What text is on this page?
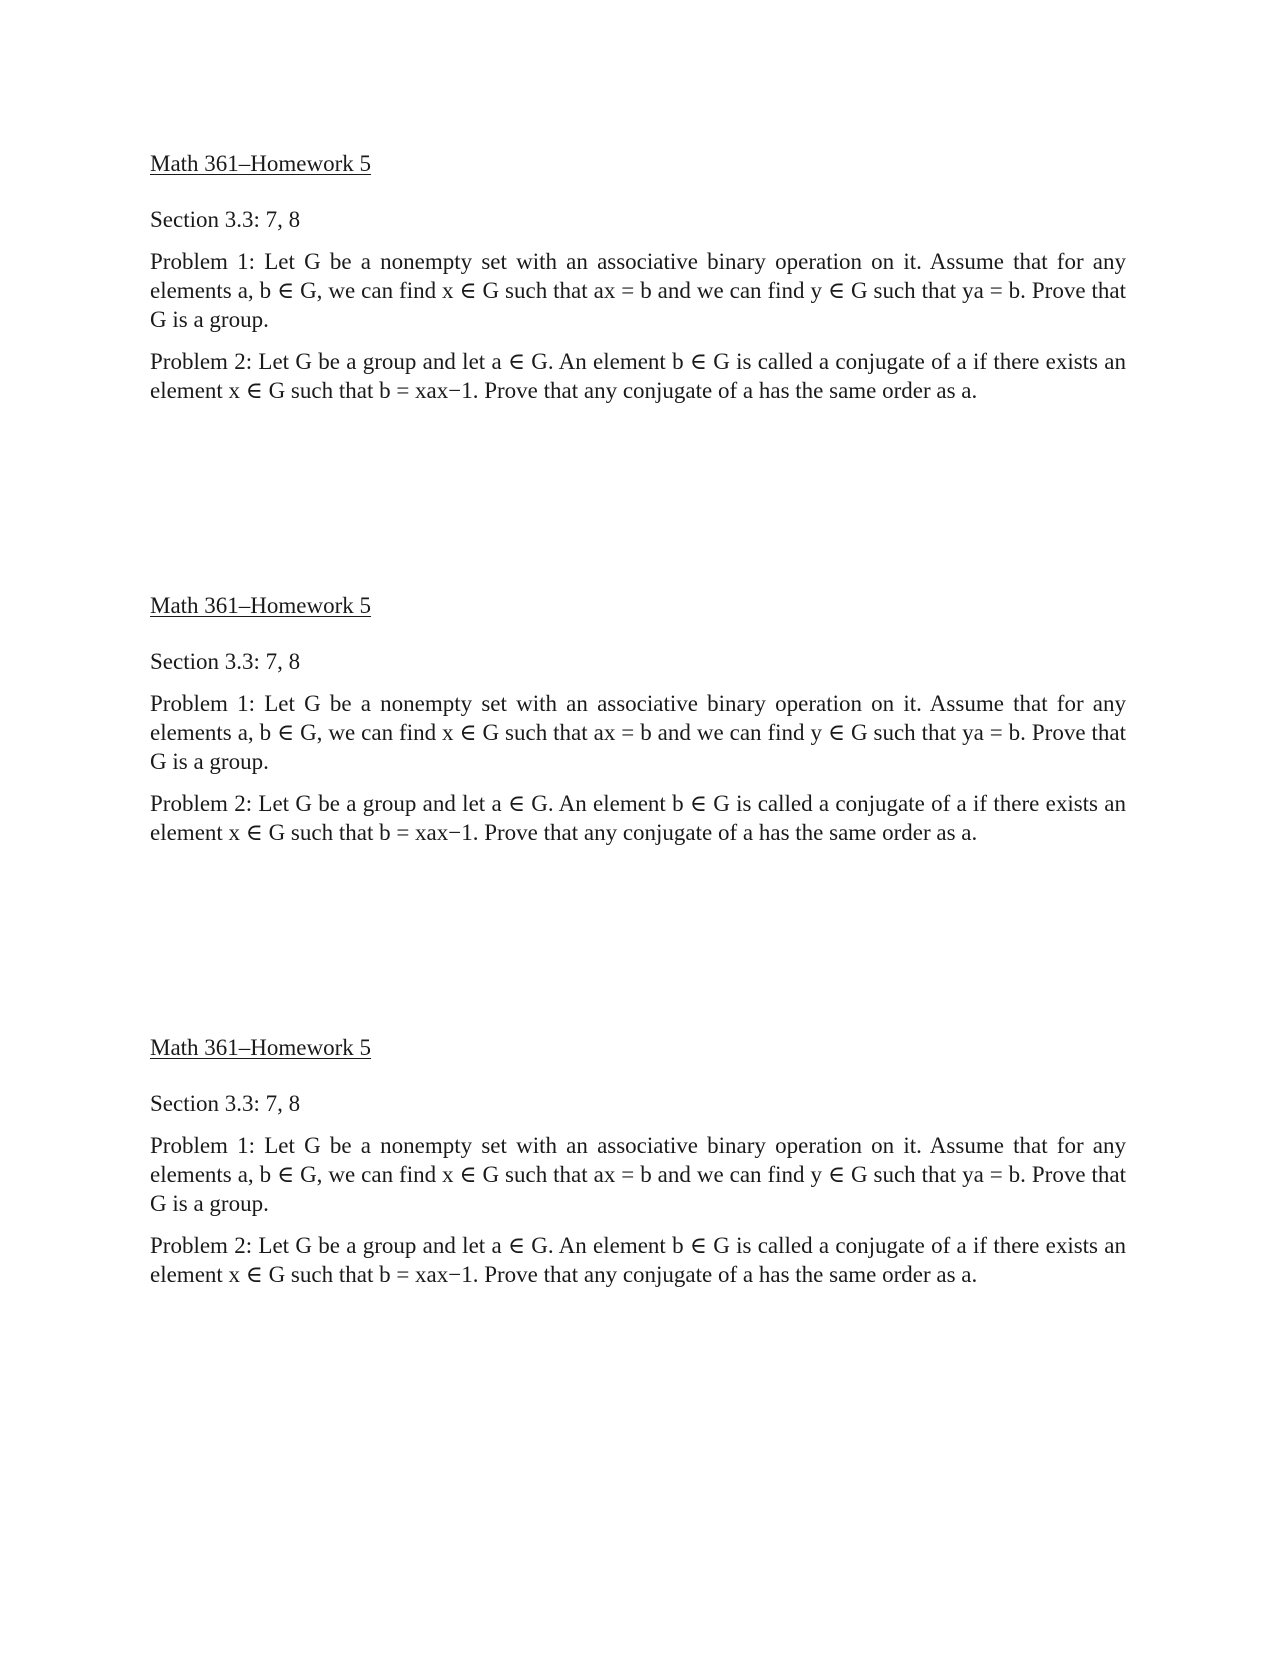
Math 361–Homework 5

Section 3.3: 7, 8

Problem 1: Let G be a nonempty set with an associative binary operation on it. Assume that for any elements a, b ∈ G, we can find x ∈ G such that ax = b and we can find y ∈ G such that ya = b. Prove that G is a group.

Problem 2: Let G be a group and let a ∈ G. An element b ∈ G is called a conjugate of a if there exists an element x ∈ G such that b = xax−1. Prove that any conjugate of a has the same order as a.

Math 361–Homework 5

Section 3.3: 7, 8

Problem 1: Let G be a nonempty set with an associative binary operation on it. Assume that for any elements a, b ∈ G, we can find x ∈ G such that ax = b and we can find y ∈ G such that ya = b. Prove that G is a group.

Problem 2: Let G be a group and let a ∈ G. An element b ∈ G is called a conjugate of a if there exists an element x ∈ G such that b = xax−1. Prove that any conjugate of a has the same order as a.

Math 361–Homework 5

Section 3.3: 7, 8

Problem 1: Let G be a nonempty set with an associative binary operation on it. Assume that for any elements a, b ∈ G, we can find x ∈ G such that ax = b and we can find y ∈ G such that ya = b. Prove that G is a group.

Problem 2: Let G be a group and let a ∈ G. An element b ∈ G is called a conjugate of a if there exists an element x ∈ G such that b = xax−1. Prove that any conjugate of a has the same order as a.
